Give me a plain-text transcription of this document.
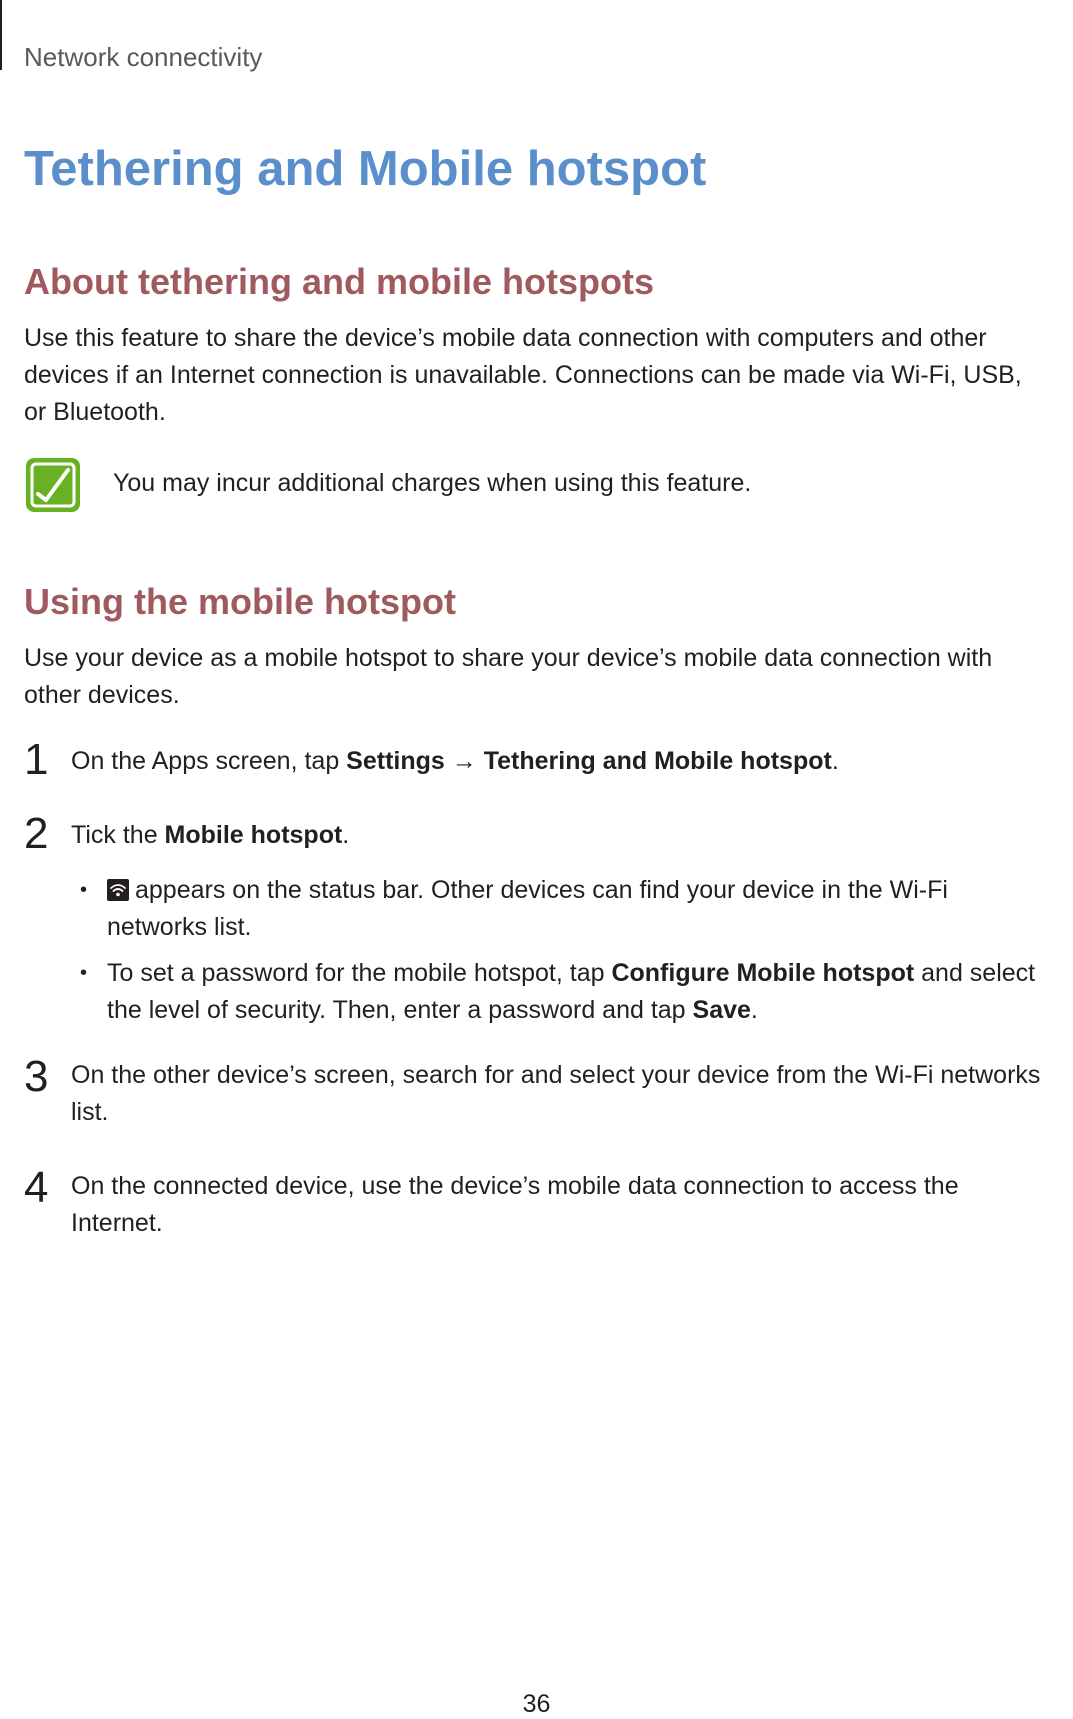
Network connectivity
Tethering and Mobile hotspot
About tethering and mobile hotspots

Use this feature to share the device’s mobile data connection with computers and other devices if an Internet connection is unavailable. Connections can be made via Wi-Fi, USB, or Bluetooth.

You may incur additional charges when using this feature.
Using the mobile hotspot

Use your device as a mobile hotspot to share your device’s mobile data connection with other devices.

1 On the Apps screen, tap Settings → Tethering and Mobile hotspot.

2 Tick the Mobile hotspot.

•	appears on the status bar. Other devices can find your device in the Wi-Fi networks list.

• To set a password for the mobile hotspot, tap Configure Mobile hotspot and select the level of security. Then, enter a password and tap Save.

3 On the other device’s screen, search for and select your device from the Wi-Fi networks list.

4 On the connected device, use the device’s mobile data connection to access the Internet.

36
